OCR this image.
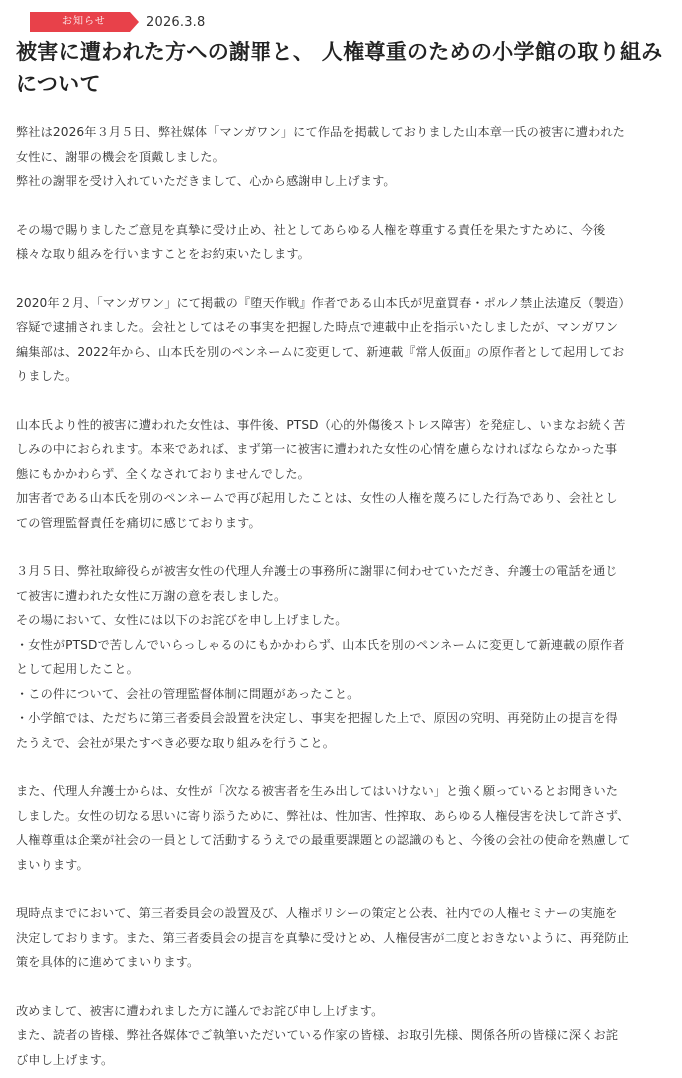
お知らせ	2026.3.8
被害に遭われた方への謝罪と、 人権尊重のための小学館の取り組みについて
弊社は2026年３月５日、弊社媒体「マンガワン」にて作品を掲載しておりました山本章一氏の被害に遭われた
女性に、謝罪の機会を頂戴しました。
弊社の謝罪を受け入れていただきまして、心から感謝申し上げます。
その場で賜りましたご意見を真摯に受け止め、社としてあらゆる人権を尊重する責任を果たすために、今後
様々な取り組みを行いますことをお約束いたします。
2020年２月、「マンガワン」にて掲載の『堕天作戦』作者である山本氏が児童買春・ポルノ禁止法違反（製造）
容疑で逮捕されました。会社としてはその事実を把握した時点で連載中止を指示いたしましたが、マンガワン
編集部は、2022年から、山本氏を別のペンネームに変更して、新連載『常人仮面』の原作者として起用してお
りました。
山本氏より性的被害に遭われた女性は、事件後、PTSD（心的外傷後ストレス障害）を発症し、いまなお続く苦
しみの中におられます。本来であれば、まず第一に被害に遭われた女性の心情を慮らなければならなかった事
態にもかかわらず、全くなされておりませんでした。
加害者である山本氏を別のペンネームで再び起用したことは、女性の人権を蔑ろにした行為であり、会社とし
ての管理監督責任を痛切に感じております。
３月５日、弊社取締役らが被害女性の代理人弁護士の事務所に謝罪に伺わせていただき、弁護士の電話を通じ
て被害に遭われた女性に万謝の意を表しました。
その場において、女性には以下のお詫びを申し上げました。
・女性がPTSDで苦しんでいらっしゃるのにもかかわらず、山本氏を別のペンネームに変更して新連載の原作者
として起用したこと。
・この件について、会社の管理監督体制に問題があったこと。
・小学館では、ただちに第三者委員会設置を決定し、事実を把握した上で、原因の究明、再発防止の提言を得
たうえで、会社が果たすべき必要な取り組みを行うこと。
また、代理人弁護士からは、女性が「次なる被害者を生み出してはいけない」と強く願っているとお聞きいた
しました。女性の切なる思いに寄り添うために、弊社は、性加害、性搾取、あらゆる人権侵害を決して許さず、
人権尊重は企業が社会の一員として活動するうえでの最重要課題との認識のもと、今後の会社の使命を熟慮して
まいります。
現時点までにおいて、第三者委員会の設置及び、人権ポリシーの策定と公表、社内での人権セミナーの実施を
決定しております。また、第三者委員会の提言を真摯に受けとめ、人権侵害が二度とおきないように、再発防止
策を具体的に進めてまいります。
改めまして、被害に遭われました方に謹んでお詫び申し上げます。
また、読者の皆様、弊社各媒体でご執筆いただいている作家の皆様、お取引先様、関係各所の皆様に深くお詫
び申し上げます。
